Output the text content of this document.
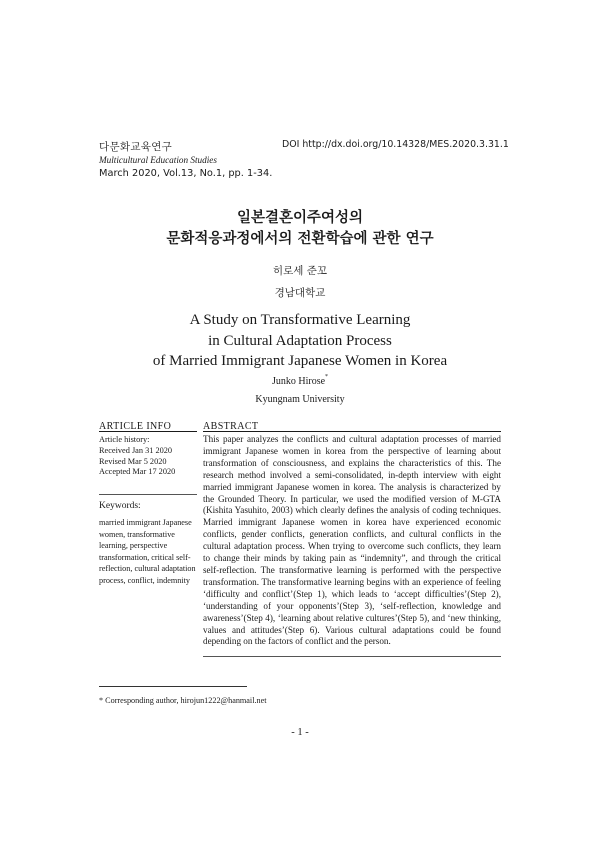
다문화교육연구	DOI http://dx.doi.org/10.14328/MES.2020.3.31.1
Multicultural Education Studies
March 2020, Vol.13, No.1, pp. 1-34.
일본결혼이주여성의
문화적응과정에서의 전환학습에 관한 연구
히로세 준꼬
경남대학교
A Study on Transformative Learning
in Cultural Adaptation Process
of Married Immigrant Japanese Women in Korea
Junko Hirose*
Kyungnam University
ARTICLE INFO	ABSTRACT
Article history:
Received Jan 31 2020
Revised Mar 5 2020
Accepted Mar 17 2020
Keywords:
married immigrant Japanese women, transformative learning, perspective transformation, critical self-reflection, cultural adaptation process, conflict, indemnity
This paper analyzes the conflicts and cultural adaptation processes of married immigrant Japanese women in korea from the perspective of learning about transformation of consciousness, and explains the characteristics of this. The research method involved a semi-consolidated, in-depth interview with eight married immigrant Japanese women in korea. The analysis is characterized by the Grounded Theory. In particular, we used the modified version of M-GTA (Kishita Yasuhito, 2003) which clearly defines the analysis of coding techniques. Married immigrant Japanese women in korea have experienced economic conflicts, gender conflicts, generation conflicts, and cultural conflicts in the cultural adaptation process. When trying to overcome such conflicts, they learn to change their minds by taking pain as “indemnity”, and through the critical self-reflection. The transformative learning is performed with the perspective transformation. The transformative learning begins with an experience of feeling ‘difficulty and conflict’(Step 1), which leads to ‘accept difficulties’(Step 2), ‘understanding of your opponents’(Step 3), ‘self-reflection, knowledge and awareness’(Step 4), ‘learning about relative cultures’(Step 5), and ‘new thinking, values and attitudes’(Step 6). Various cultural adaptations could be found depending on the factors of conflict and the person.
* Corresponding author, hirojun1222@hanmail.net
- 1 -
